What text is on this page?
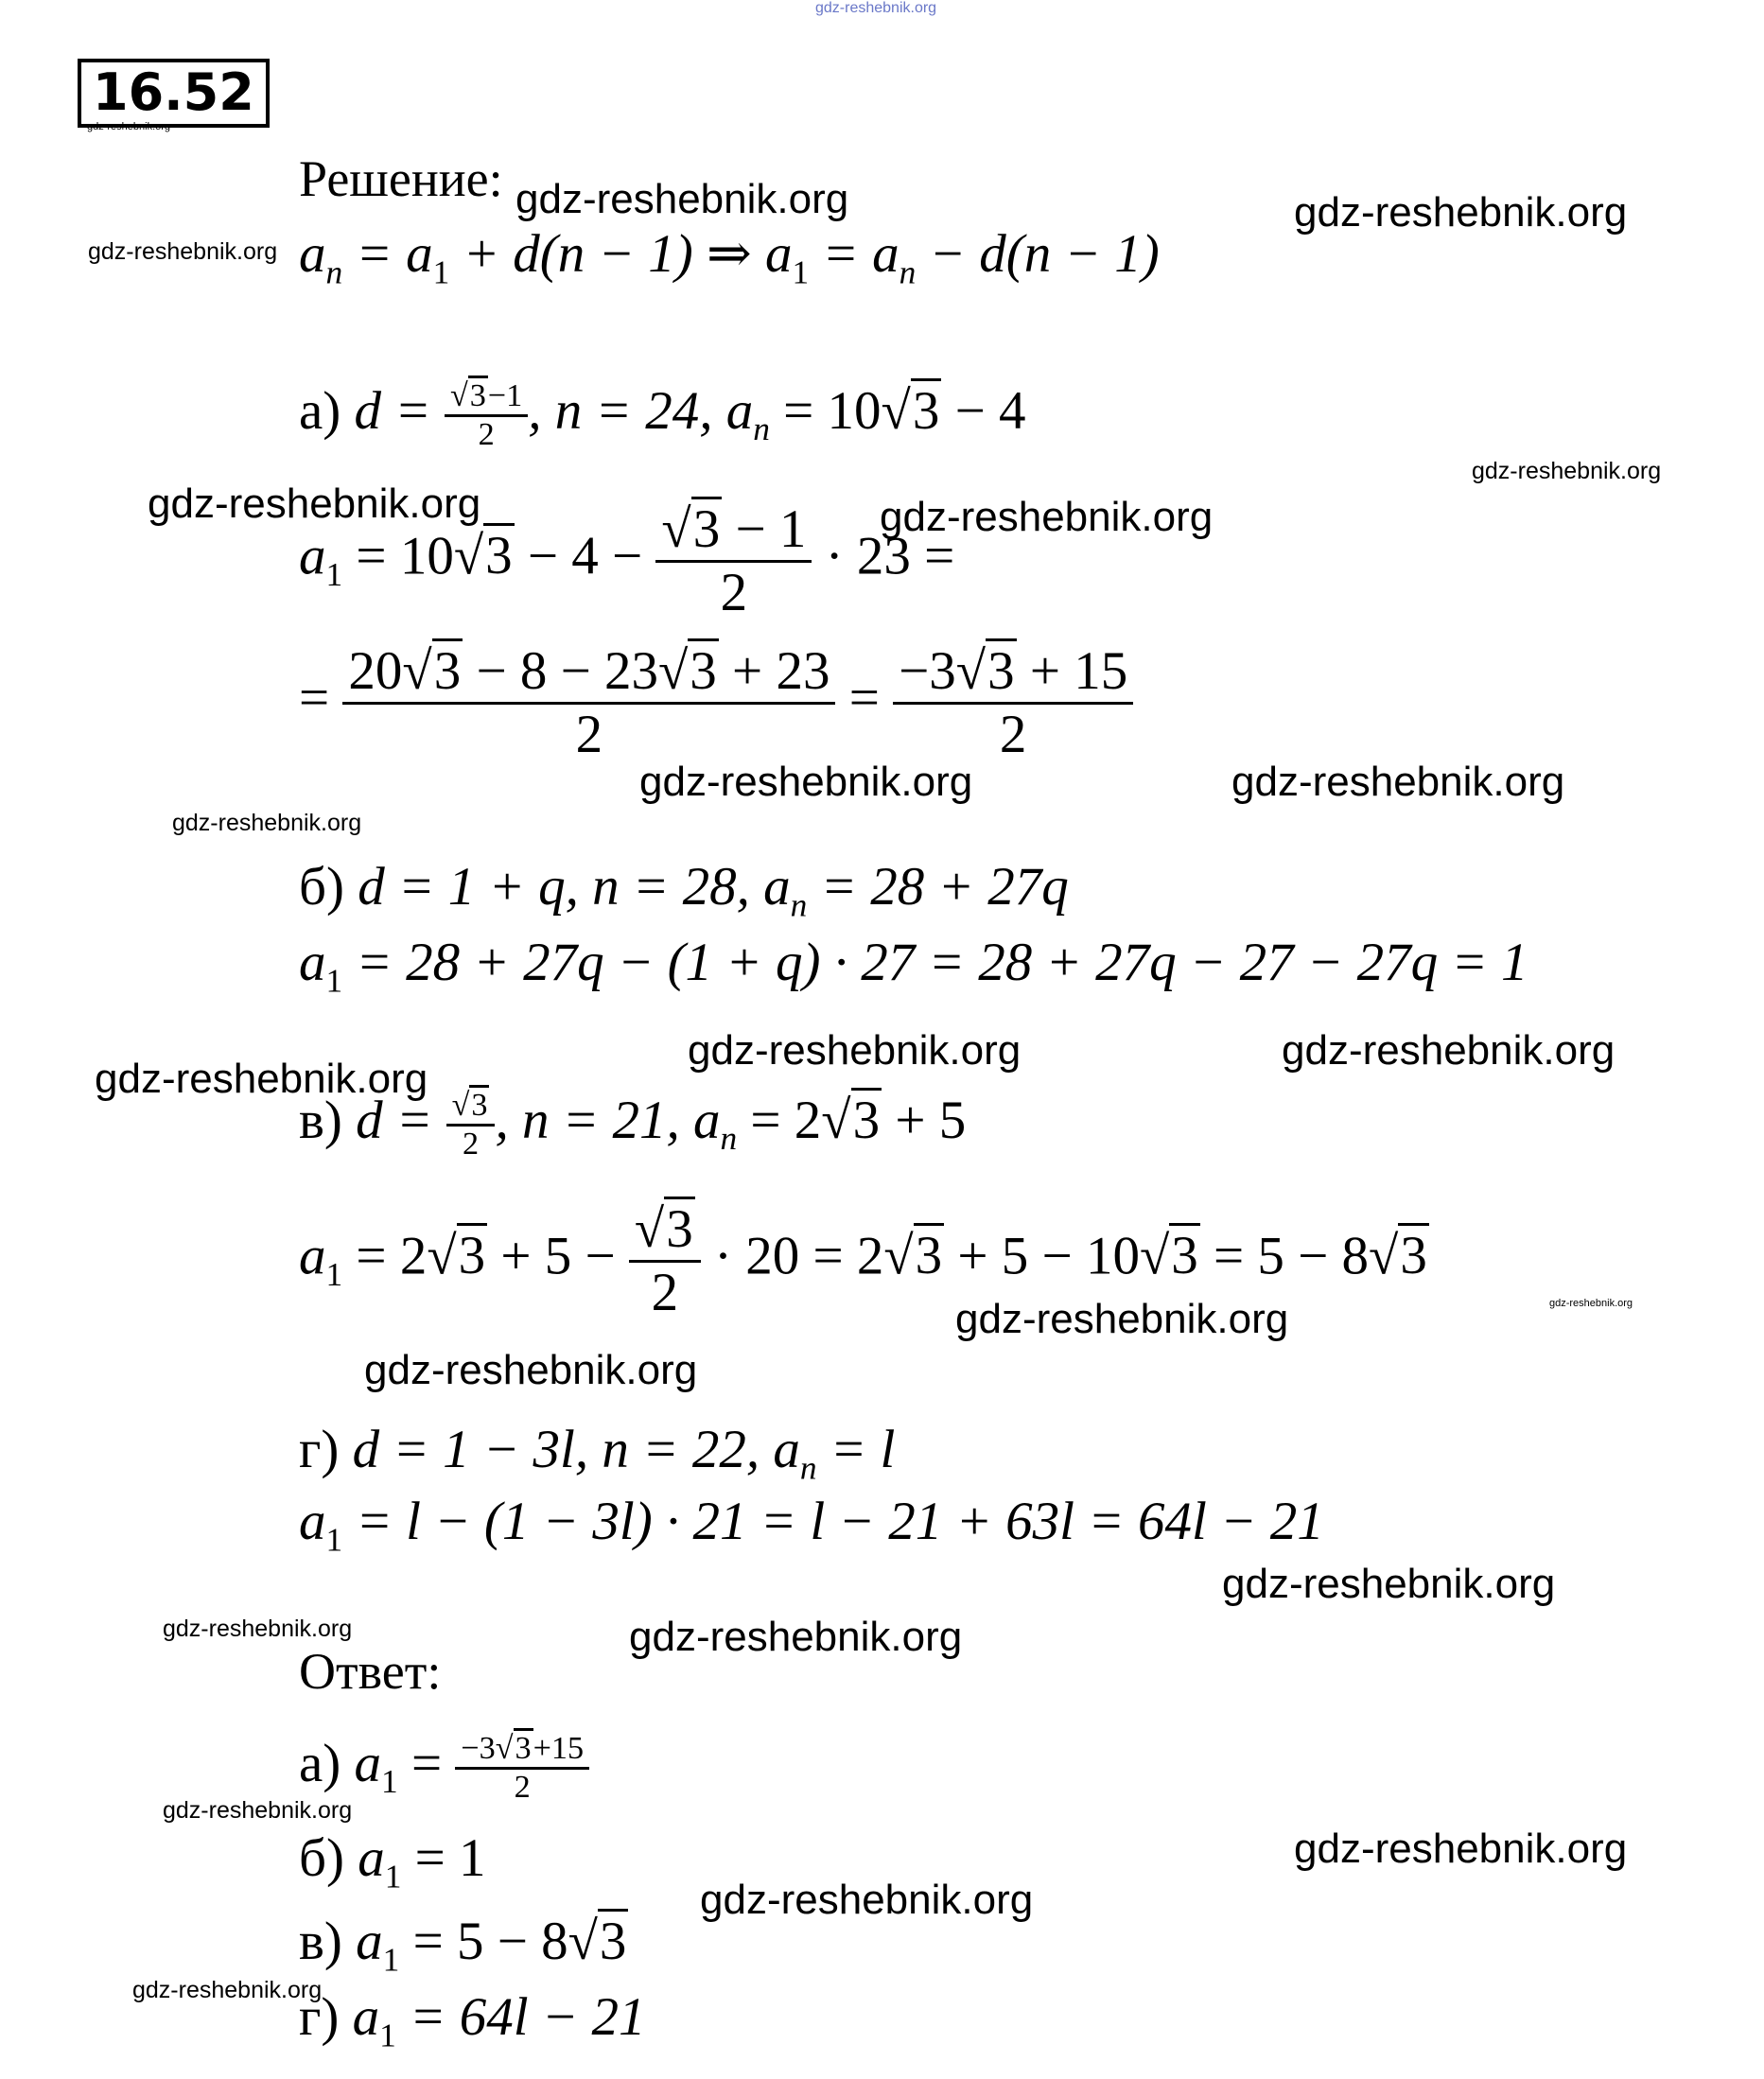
gdz-reshebnik.org
16.52
gdz-reshebnik.org
Решение: gdz-reshebnik.org	gdz-reshebnik.org
gdz-reshebnik.org $a_n = a_1 + d(n - 1)$ ⇒ $a_1 = a_n - d(n - 1)$
а) $d = \frac{√3-1}{2}$ , n = 24, $a_n = 10√3 - 4$
gdz-reshebnik.org
gdz-reshebnik.org	gdz-reshebnik.org
$a_1 = 10√3 - 4 - \frac{√3 - 1}{2} \cdot 23$ =
= $\frac{20√3 - 8 - 23√3 + 23}{2} = \frac{-3√3 + 15}{2}$
gdz-reshebnik.org	gdz-reshebnik.org
gdz-reshebnik.org
б) d = 1 + q, n = 28, $a_n = 28 + 27q$
$a_1 = 28 + 27q - (1 + q) \cdot 27 = 28 + 27q - 27 - 27q = 1$
gdz-reshebnik.org	gdz-reshebnik.org
gdz-reshebnik.org
в) $d = \frac{√3}{2}$ , n = 21, $a_n = 2√3 + 5$
$a_1 = 2√3 + 5 - \frac{√3}{2} \cdot 20 = 2√3 + 5 - 10√3 = 5 - 8√3$
gdz-reshebnik.org
gdz-reshebnik.org
gdz-reshebnik.org
г) d = 1 − 3l, n = 22, $a_n = l$
$a_1 = l - (1 - 3l) \cdot 21 = l - 21 + 63l = 64l - 21$
gdz-reshebnik.org
gdz-reshebnik.org	gdz-reshebnik.org
Ответ:
а) $a_1 = \frac{-3√3+15}{2}$
gdz-reshebnik.org
gdz-reshebnik.org
б) $a_1 = 1$
gdz-reshebnik.org
в) $a_1 = 5 - 8√3$
gdz-reshebnik.org
г) $a_1 = 64l - 21$
